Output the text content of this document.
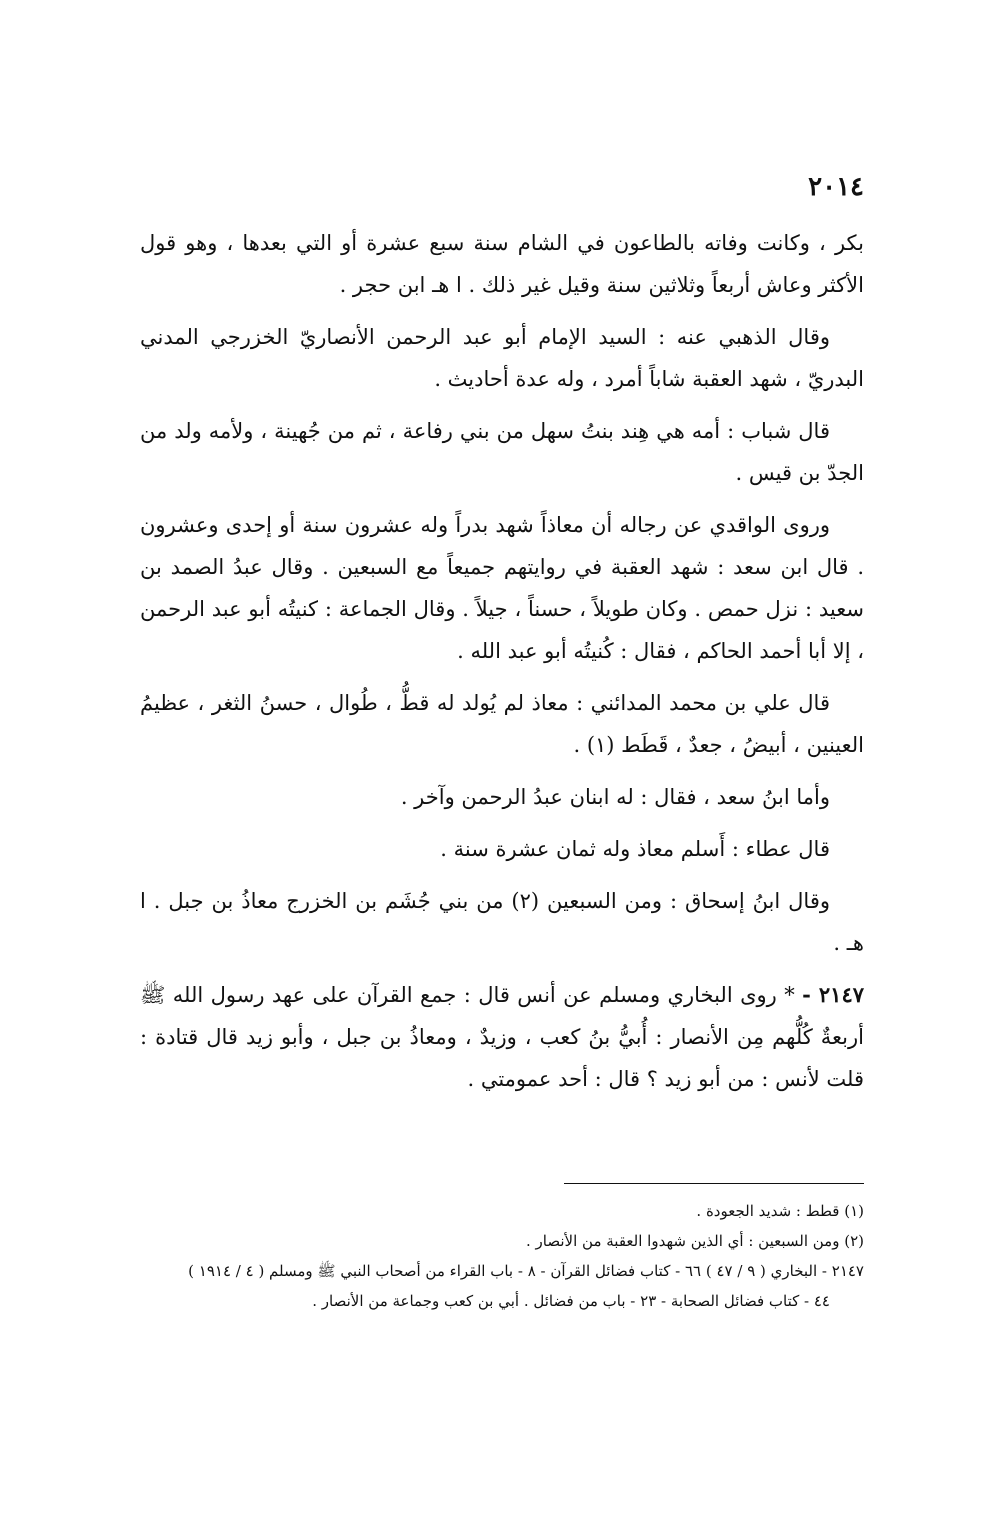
٢٠١٤

بكر ، وكانت وفاته بالطاعون في الشام سنة سبع عشرة أو التي بعدها ، وهو قول الأكثر وعاش أربعاً وثلاثين سنة وقيل غير ذلك . ا هـ ابن حجر .

وقال الذهبي عنه : السيد الإمام أبو عبد الرحمن الأنصاريّ الخزرجي المدني البدريّ ، شهد العقبة شاباً أمرد ، وله عدة أحاديث .

قال شباب : أمه هي هِند بنتُ سهل من بني رفاعة ، ثم من جُهينة ، ولأمه ولد من الجدّ بن قيس .

وروى الواقدي عن رجاله أن معاذاً شهد بدراً وله عشرون سنة أو إحدى وعشرون . قال ابن سعد : شهد العقبة في روايتهم جميعاً مع السبعين . وقال عبدُ الصمد بن سعيد : نزل حمص . وكان طويلاً ، حسناً ، جيلاً . وقال الجماعة : كنيتُه أبو عبد الرحمن ، إلا أبا أحمد الحاكم ، فقال : كُنيتُه أبو عبد الله .

قال علي بن محمد المدائني : معاذ لم يُولد له قطُّ ، طُوال ، حسنُ الثغر ، عظيمُ العينين ، أبيضُ ، جعدٌ ، قَطَط (١) .

وأما ابنُ سعد ، فقال : له ابنان عبدُ الرحمن وآخر .

قال عطاء : أَسلم معاذ وله ثمان عشرة سنة .

وقال ابنُ إسحاق : ومن السبعين (٢) من بني جُشَم بن الخزرج معاذُ بن جبل . ا هـ .

٢١٤٧ - * روى البخاري ومسلم عن أنس قال : جمع القرآن على عهد رسول الله ﷺ أربعةٌ كُلُّهم مِن الأنصار : أُبيُّ بنُ كعب ، وزيدٌ ، ومعاذُ بن جبل ، وأبو زيد قال قتادة : قلت لأنس : من أبو زيد ؟ قال : أحد عمومتي .

(١) قطط : شديد الجعودة .
(٢) ومن السبعين : أي الذين شهدوا العقبة من الأنصار .
٢١٤٧ - البخاري ( ٩ / ٤٧ ) ٦٦ - كتاب فضائل القرآن - ٨ - باب القراء من أصحاب النبي ﷺ ومسلم ( ٤ / ١٩١٤ )
٤٤ - كتاب فضائل الصحابة - ٢٣ - باب من فضائل . أبي بن كعب وجماعة من الأنصار .
